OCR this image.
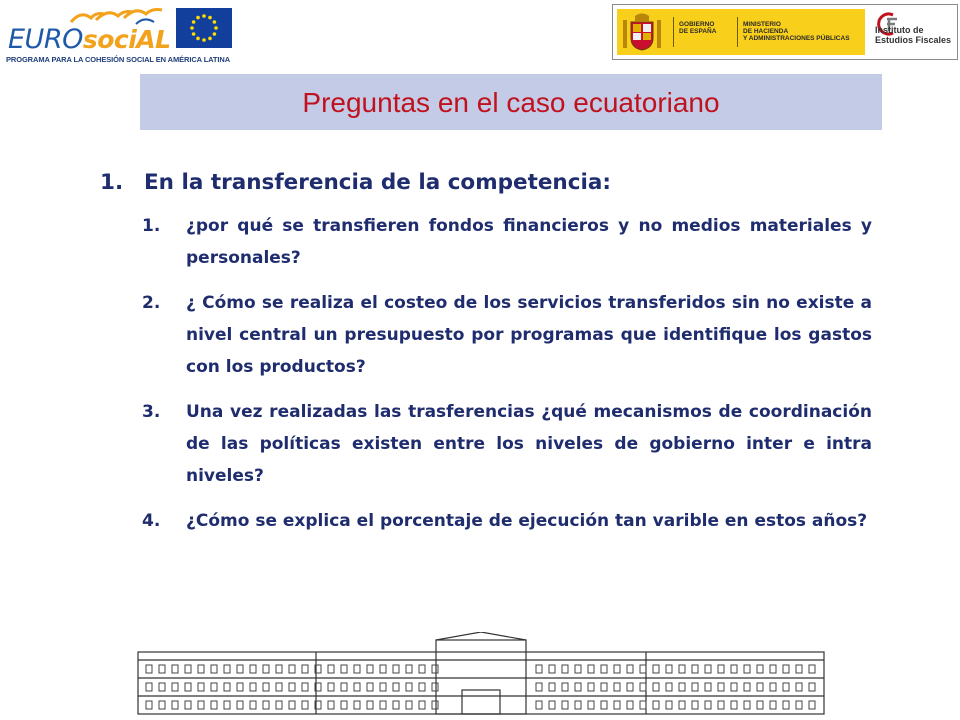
EUROsociAL
PROGRAMA PARA LA COHESIÓN SOCIAL EN AMÉRICA LATINA
GOBIERNO
DE ESPAÑA
MINISTERIO
DE HACIENDA
Y ADMINISTRACIONES PÚBLICAS
Instituto de
Estudios Fiscales
Preguntas en el caso ecuatoriano
1. En la transferencia de la competencia:
1. ¿por qué se transfieren fondos financieros y no medios materiales y personales?
2. ¿ Cómo se realiza el costeo de los servicios transferidos sin no existe a nivel central un presupuesto por programas que identifique los gastos con los productos?
3. Una vez realizadas las trasferencias ¿qué mecanismos de coordinación de las políticas existen entre los niveles de gobierno inter e intra niveles?
4. ¿Cómo se explica el porcentaje de ejecución tan varible en estos años?
